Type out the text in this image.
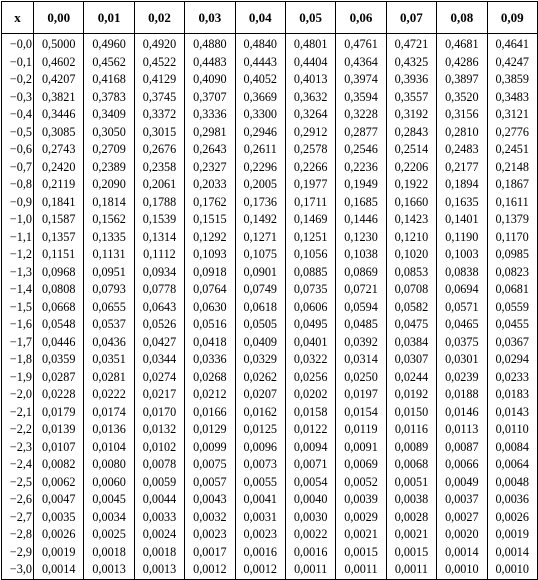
x	0,00	0,01	0,02	0,03	0,04	0,05	0,06	0,07	0,08	0,09
−0,0	0,5000	0,4960	0,4920	0,4880	0,4840	0,4801	0,4761	0,4721	0,4681	0,4641
−0,1	0,4602	0,4562	0,4522	0,4483	0,4443	0,4404	0,4364	0,4325	0,4286	0,4247
−0,2	0,4207	0,4168	0,4129	0,4090	0,4052	0,4013	0,3974	0,3936	0,3897	0,3859
−0,3	0,3821	0,3783	0,3745	0,3707	0,3669	0,3632	0,3594	0,3557	0,3520	0,3483
−0,4	0,3446	0,3409	0,3372	0,3336	0,3300	0,3264	0,3228	0,3192	0,3156	0,3121
−0,5	0,3085	0,3050	0,3015	0,2981	0,2946	0,2912	0,2877	0,2843	0,2810	0,2776
−0,6	0,2743	0,2709	0,2676	0,2643	0,2611	0,2578	0,2546	0,2514	0,2483	0,2451
−0,7	0,2420	0,2389	0,2358	0,2327	0,2296	0,2266	0,2236	0,2206	0,2177	0,2148
−0,8	0,2119	0,2090	0,2061	0,2033	0,2005	0,1977	0,1949	0,1922	0,1894	0,1867
−0,9	0,1841	0,1814	0,1788	0,1762	0,1736	0,1711	0,1685	0,1660	0,1635	0,1611
−1,0	0,1587	0,1562	0,1539	0,1515	0,1492	0,1469	0,1446	0,1423	0,1401	0,1379
−1,1	0,1357	0,1335	0,1314	0,1292	0,1271	0,1251	0,1230	0,1210	0,1190	0,1170
−1,2	0,1151	0,1131	0,1112	0,1093	0,1075	0,1056	0,1038	0,1020	0,1003	0,0985
−1,3	0,0968	0,0951	0,0934	0,0918	0,0901	0,0885	0,0869	0,0853	0,0838	0,0823
−1,4	0,0808	0,0793	0,0778	0,0764	0,0749	0,0735	0,0721	0,0708	0,0694	0,0681
−1,5	0,0668	0,0655	0,0643	0,0630	0,0618	0,0606	0,0594	0,0582	0,0571	0,0559
−1,6	0,0548	0,0537	0,0526	0,0516	0,0505	0,0495	0,0485	0,0475	0,0465	0,0455
−1,7	0,0446	0,0436	0,0427	0,0418	0,0409	0,0401	0,0392	0,0384	0,0375	0,0367
−1,8	0,0359	0,0351	0,0344	0,0336	0,0329	0,0322	0,0314	0,0307	0,0301	0,0294
−1,9	0,0287	0,0281	0,0274	0,0268	0,0262	0,0256	0,0250	0,0244	0,0239	0,0233
−2,0	0,0228	0,0222	0,0217	0,0212	0,0207	0,0202	0,0197	0,0192	0,0188	0,0183
−2,1	0,0179	0,0174	0,0170	0,0166	0,0162	0,0158	0,0154	0,0150	0,0146	0,0143
−2,2	0,0139	0,0136	0,0132	0,0129	0,0125	0,0122	0,0119	0,0116	0,0113	0,0110
−2,3	0,0107	0,0104	0,0102	0,0099	0,0096	0,0094	0,0091	0,0089	0,0087	0,0084
−2,4	0,0082	0,0080	0,0078	0,0075	0,0073	0,0071	0,0069	0,0068	0,0066	0,0064
−2,5	0,0062	0,0060	0,0059	0,0057	0,0055	0,0054	0,0052	0,0051	0,0049	0,0048
−2,6	0,0047	0,0045	0,0044	0,0043	0,0041	0,0040	0,0039	0,0038	0,0037	0,0036
−2,7	0,0035	0,0034	0,0033	0,0032	0,0031	0,0030	0,0029	0,0028	0,0027	0,0026
−2,8	0,0026	0,0025	0,0024	0,0023	0,0023	0,0022	0,0021	0,0021	0,0020	0,0019
−2,9	0,0019	0,0018	0,0018	0,0017	0,0016	0,0016	0,0015	0,0015	0,0014	0,0014
−3,0	0,0014	0,0013	0,0013	0,0012	0,0012	0,0011	0,0011	0,0011	0,0010	0,0010
